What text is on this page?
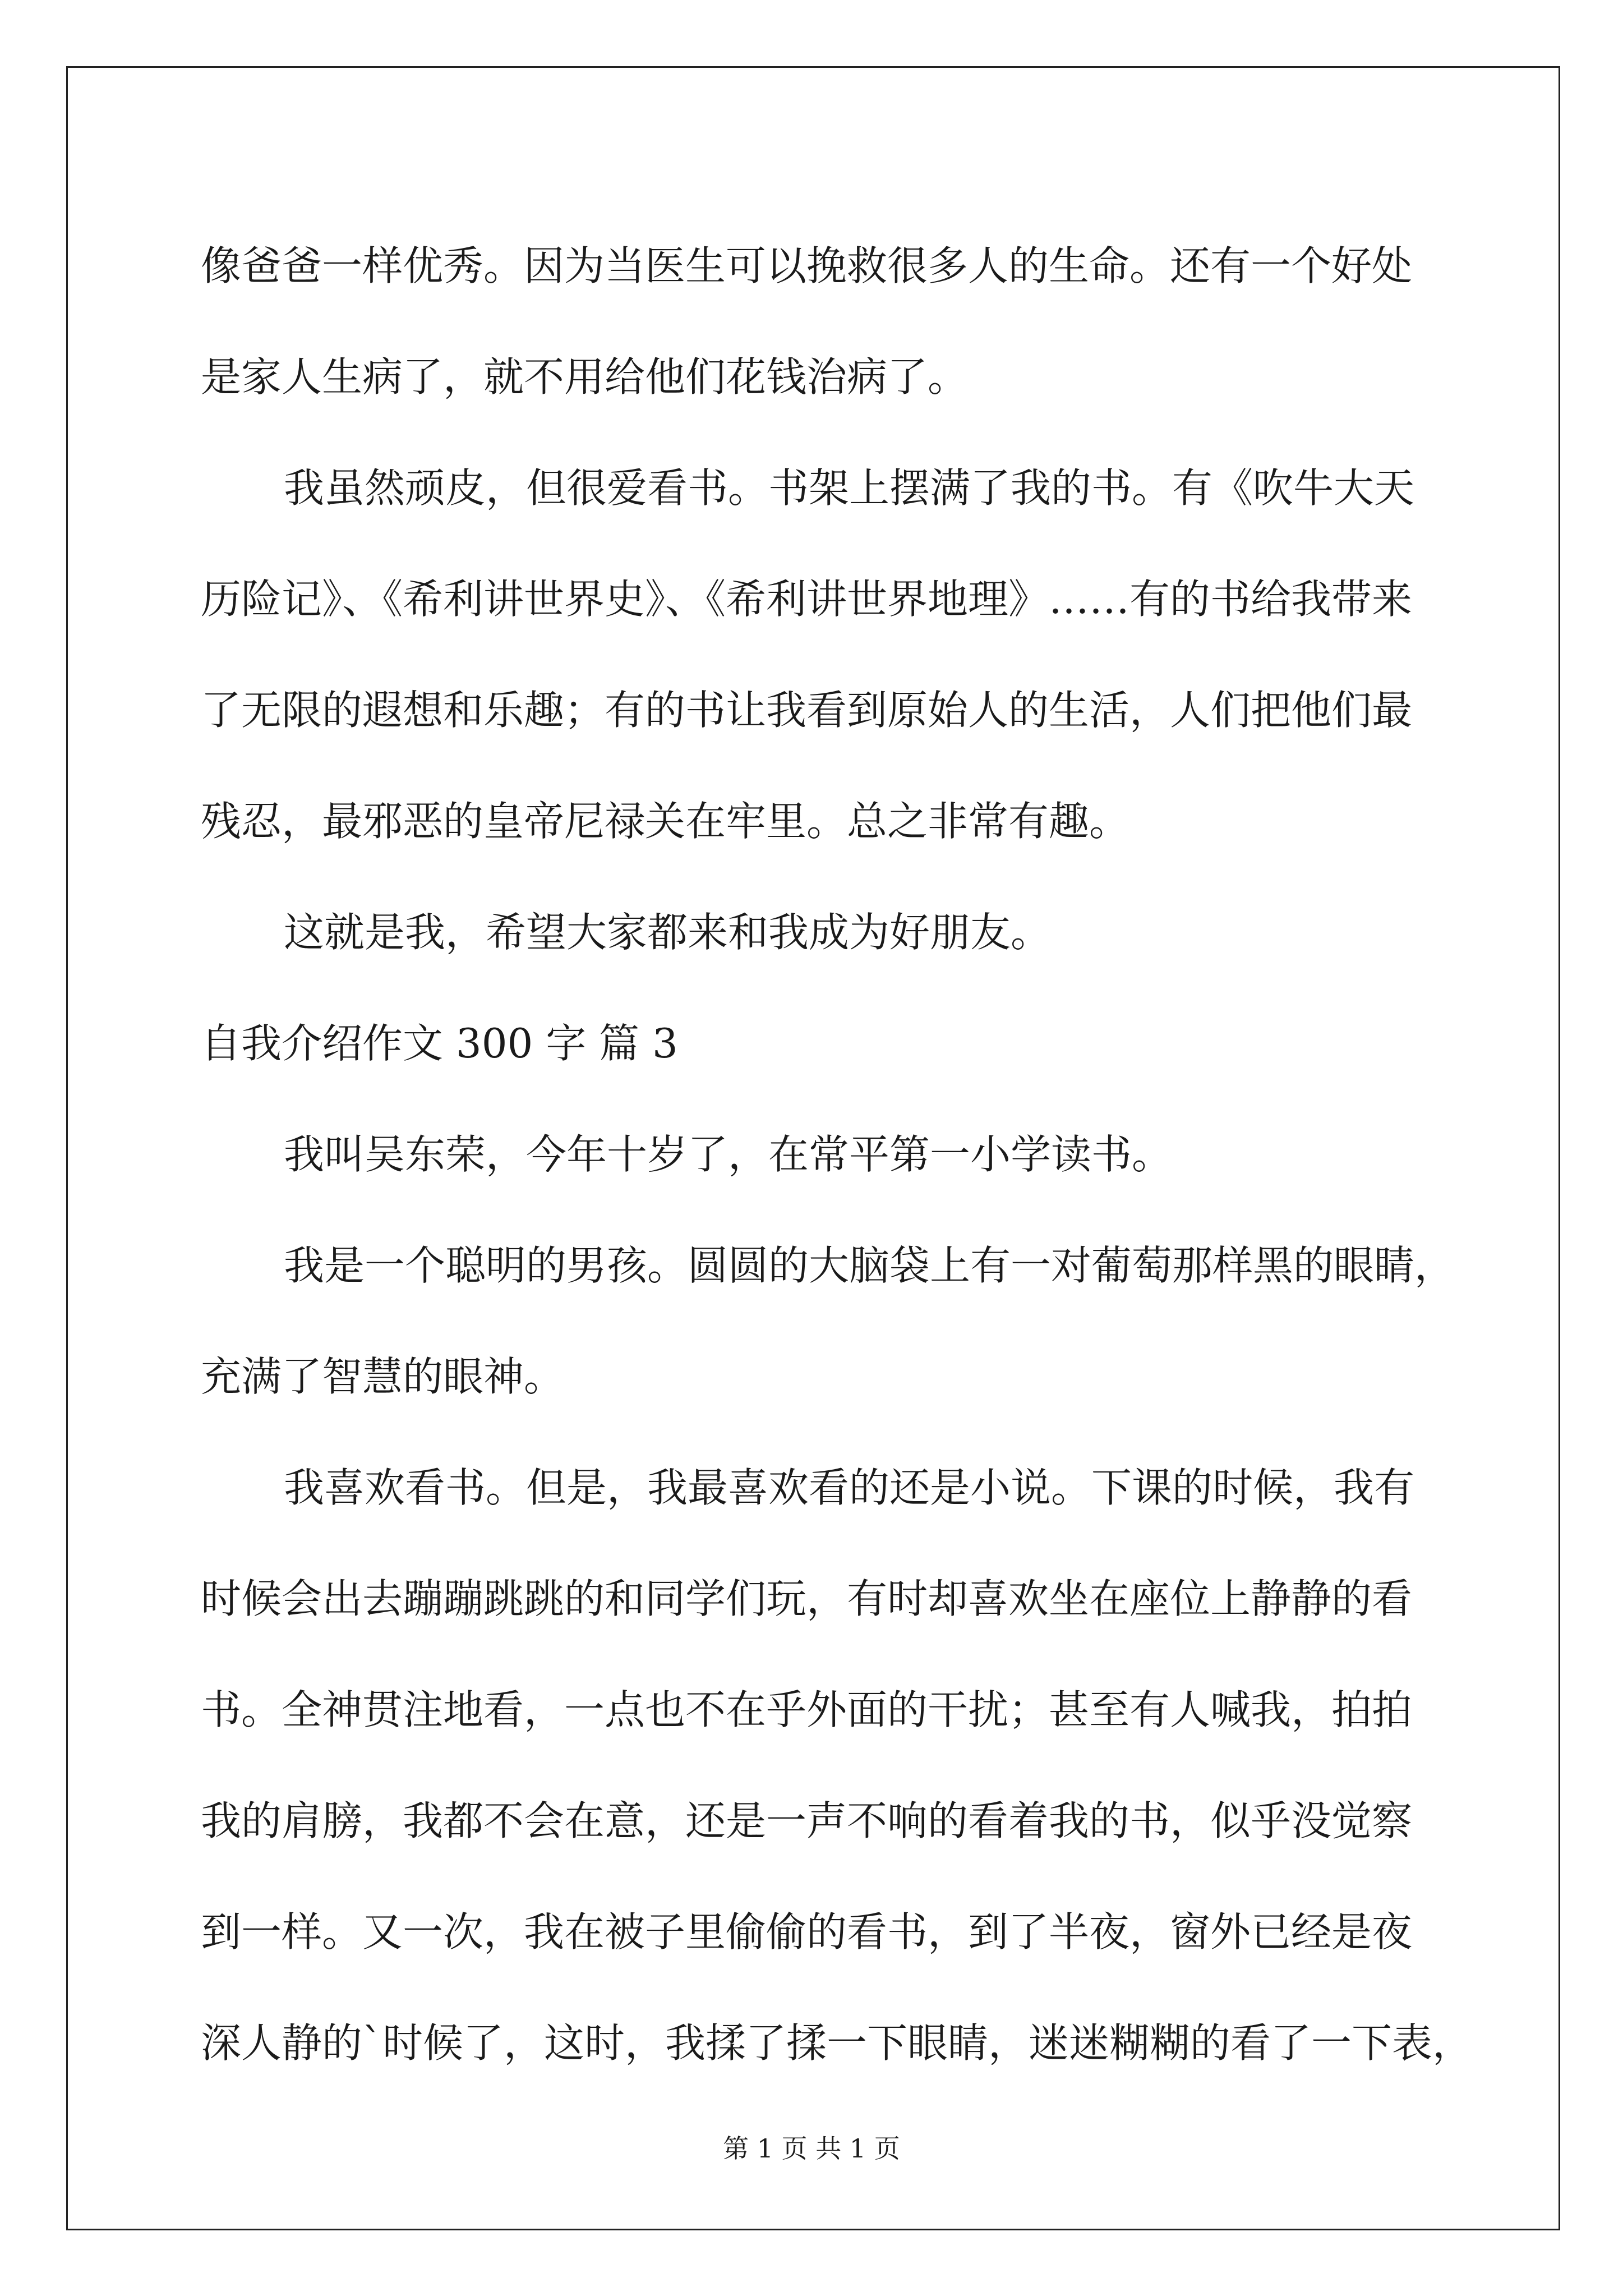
像爸爸一样优秀。因为当医生可以挽救很多人的生命。还有一个好处
是家人生病了，就不用给他们花钱治病了。
我虽然顽皮，但很爱看书。书架上摆满了我的书。有《吹牛大天
历险记》、《希利讲世界史》、《希利讲世界地理》……有的书给我带来
了无限的遐想和乐趣；有的书让我看到原始人的生活，人们把他们最
残忍，最邪恶的皇帝尼禄关在牢里。总之非常有趣。
这就是我，希望大家都来和我成为好朋友。
自我介绍作文 300 字 篇 3
我叫吴东荣，今年十岁了，在常平第一小学读书。
我是一个聪明的男孩。圆圆的大脑袋上有一对葡萄那样黑的眼睛，
充满了智慧的眼神。
我喜欢看书。但是，我最喜欢看的还是小说。下课的时候，我有
时候会出去蹦蹦跳跳的和同学们玩，有时却喜欢坐在座位上静静的看
书。全神贯注地看，一点也不在乎外面的干扰；甚至有人喊我，拍拍
我的肩膀，我都不会在意，还是一声不响的看着我的书，似乎没觉察
到一样。又一次，我在被子里偷偷的看书，到了半夜，窗外已经是夜
深人静的`时候了，这时，我揉了揉一下眼睛，迷迷糊糊的看了一下表，
第 1 页 共 1 页
